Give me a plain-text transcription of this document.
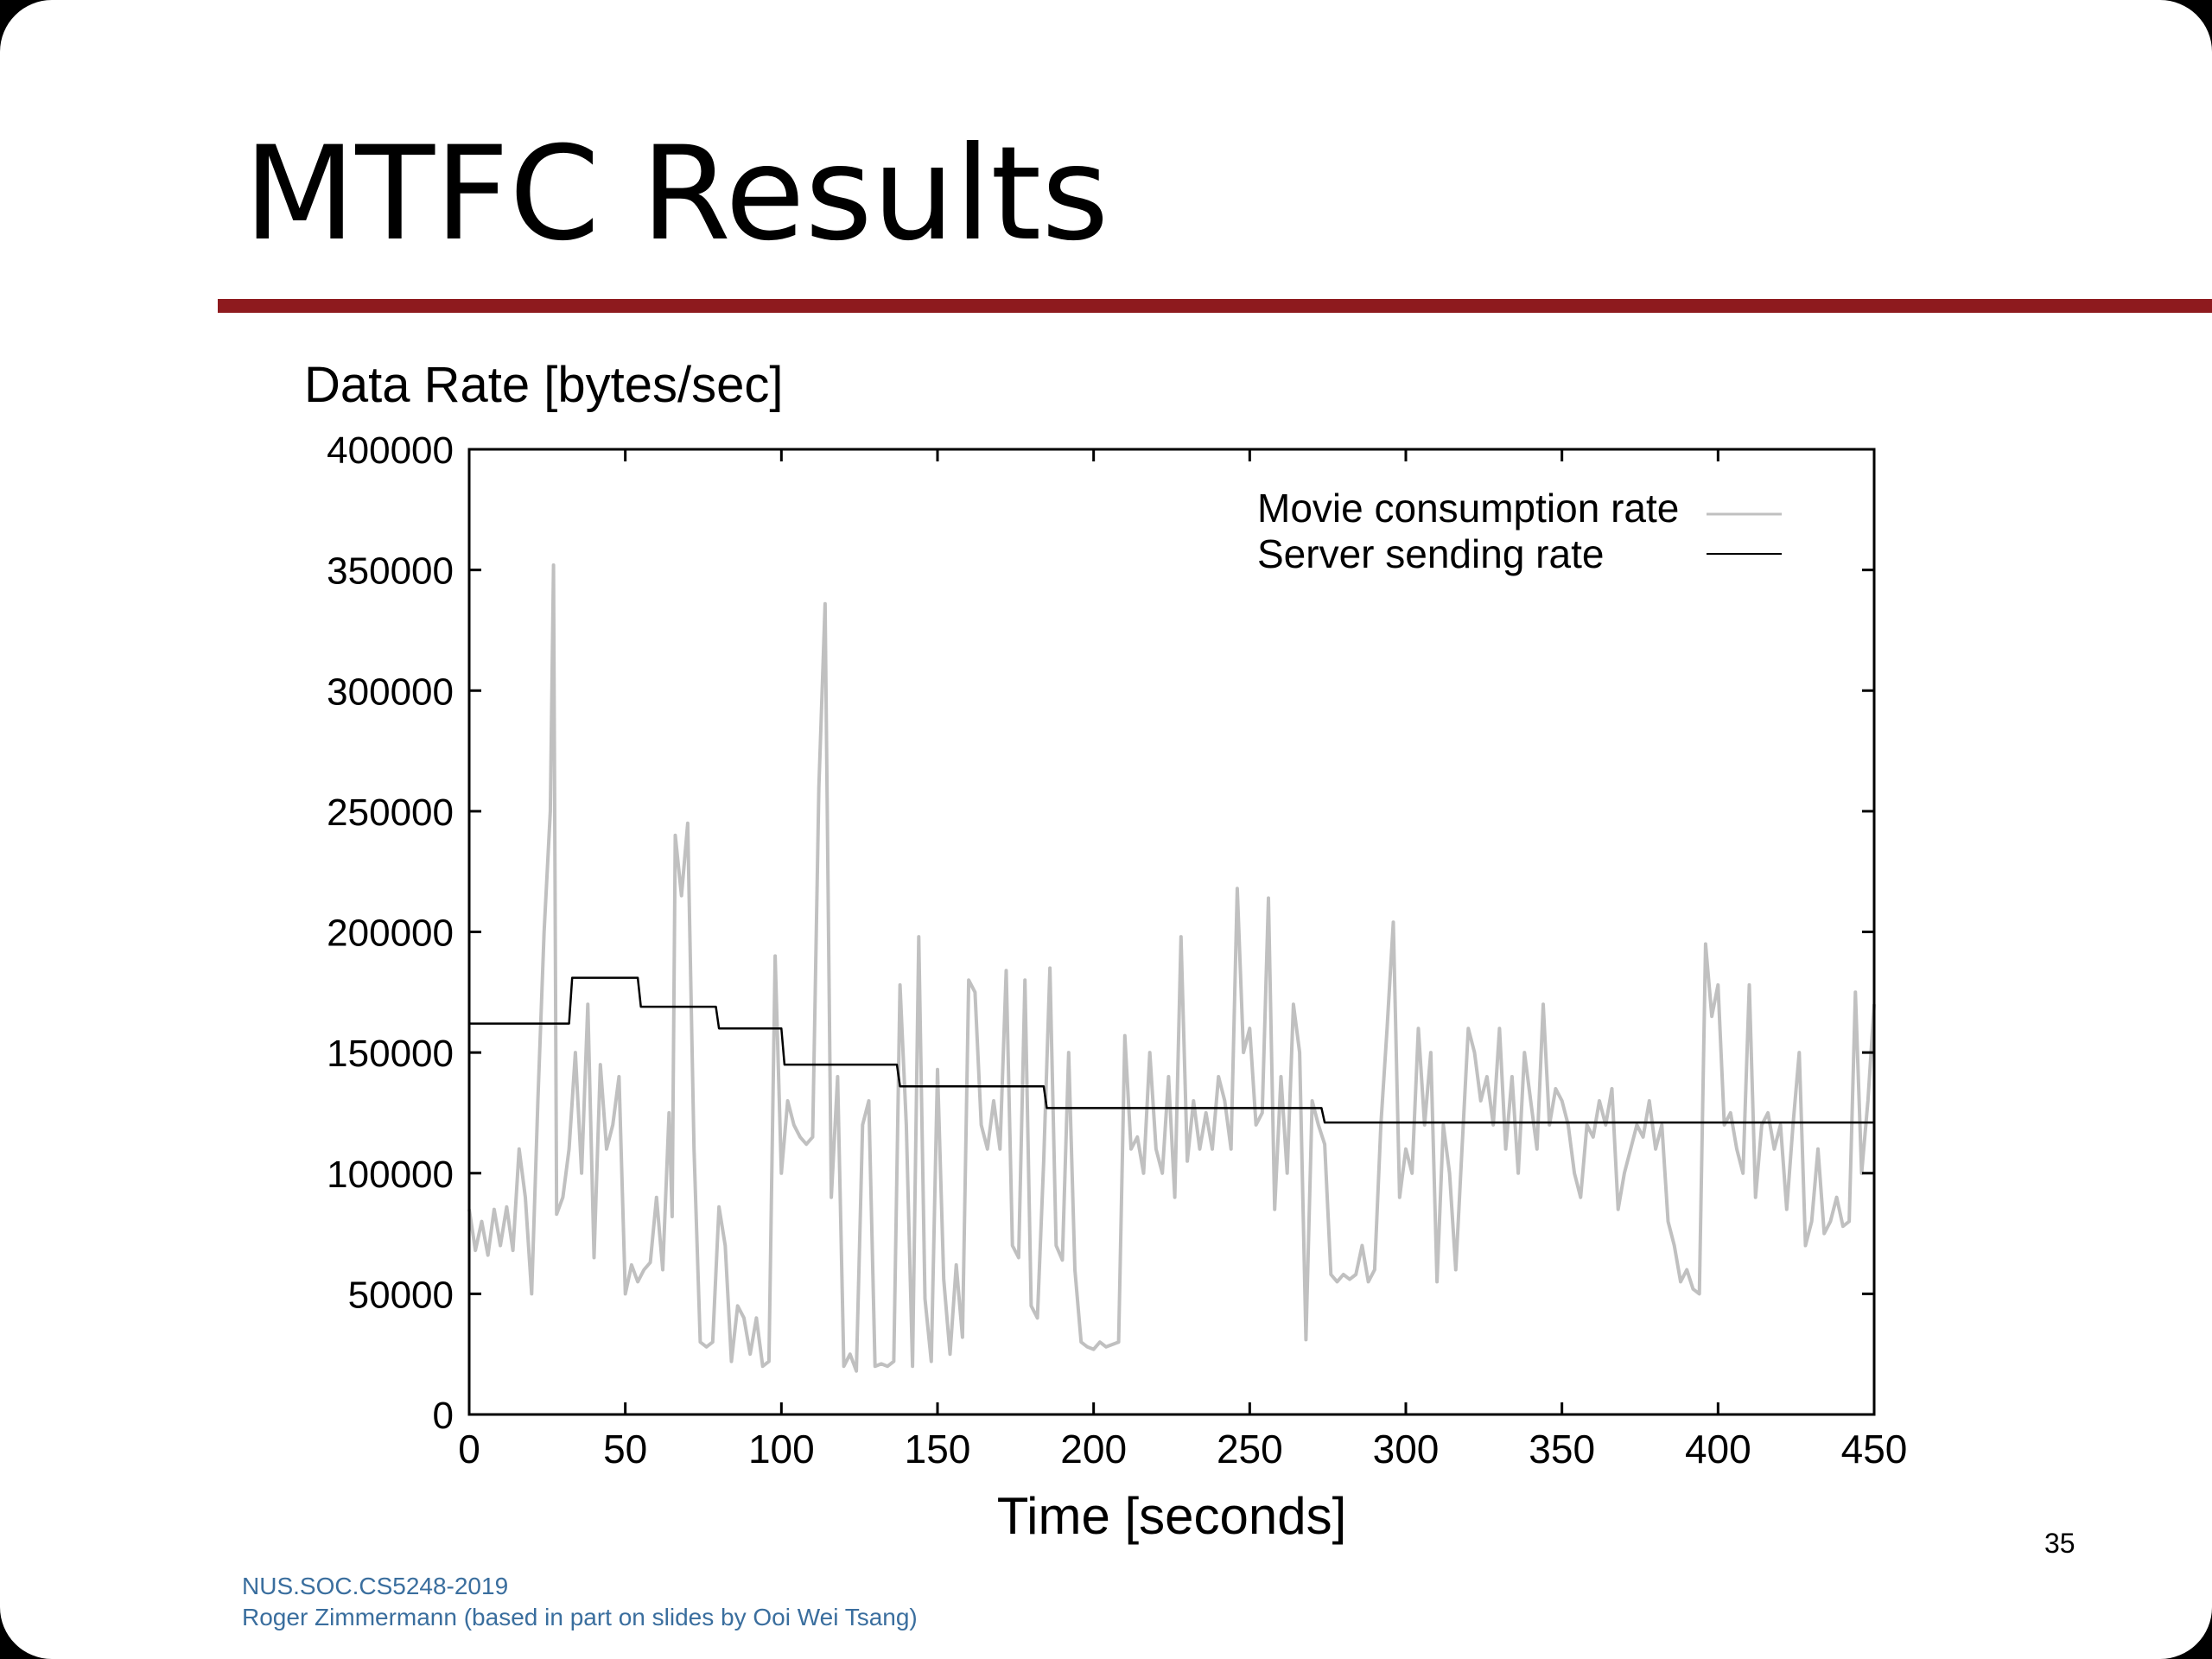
MTFC Results
0	50	100 150 200 250 300 350 400 450
0
50000
100000
150000
200000
250000
300000
350000
400000
Data Rate [bytes/sec]
Time [seconds]
Movie consumption rate
Server sending rate
35
NUS.SOC.CS5248-2019
Roger Zimmermann (based in part on slides by Ooi Wei Tsang)
